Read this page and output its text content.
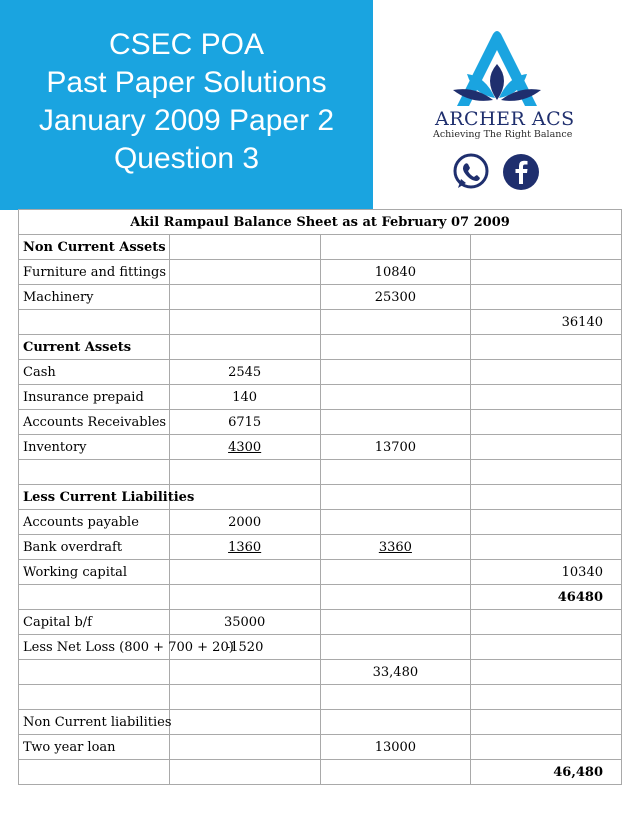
CSEC POA
Past Paper Solutions
January 2009 Paper 2
Question 3
ARCHER ACS
Achieving The Right Balance
Akil Rampaul Balance Sheet as at February 07 2009			
Non Current Assets			
Furniture and fittings		10840	
Machinery		25300	
			36140
Current Assets			
Cash	2545		
Insurance prepaid	140		
Accounts Receivables	6715		
Inventory	4300	13700	

Less Current Liabilities			
Accounts payable	2000		
Bank overdraft	1360	3360	
Working capital			10340
			46480
Capital b/f	35000		
Less Net Loss (800 + 700 + 20)	-1520		
		33,480	

Non Current liabilities			
Two year loan		13000	
			46,480
